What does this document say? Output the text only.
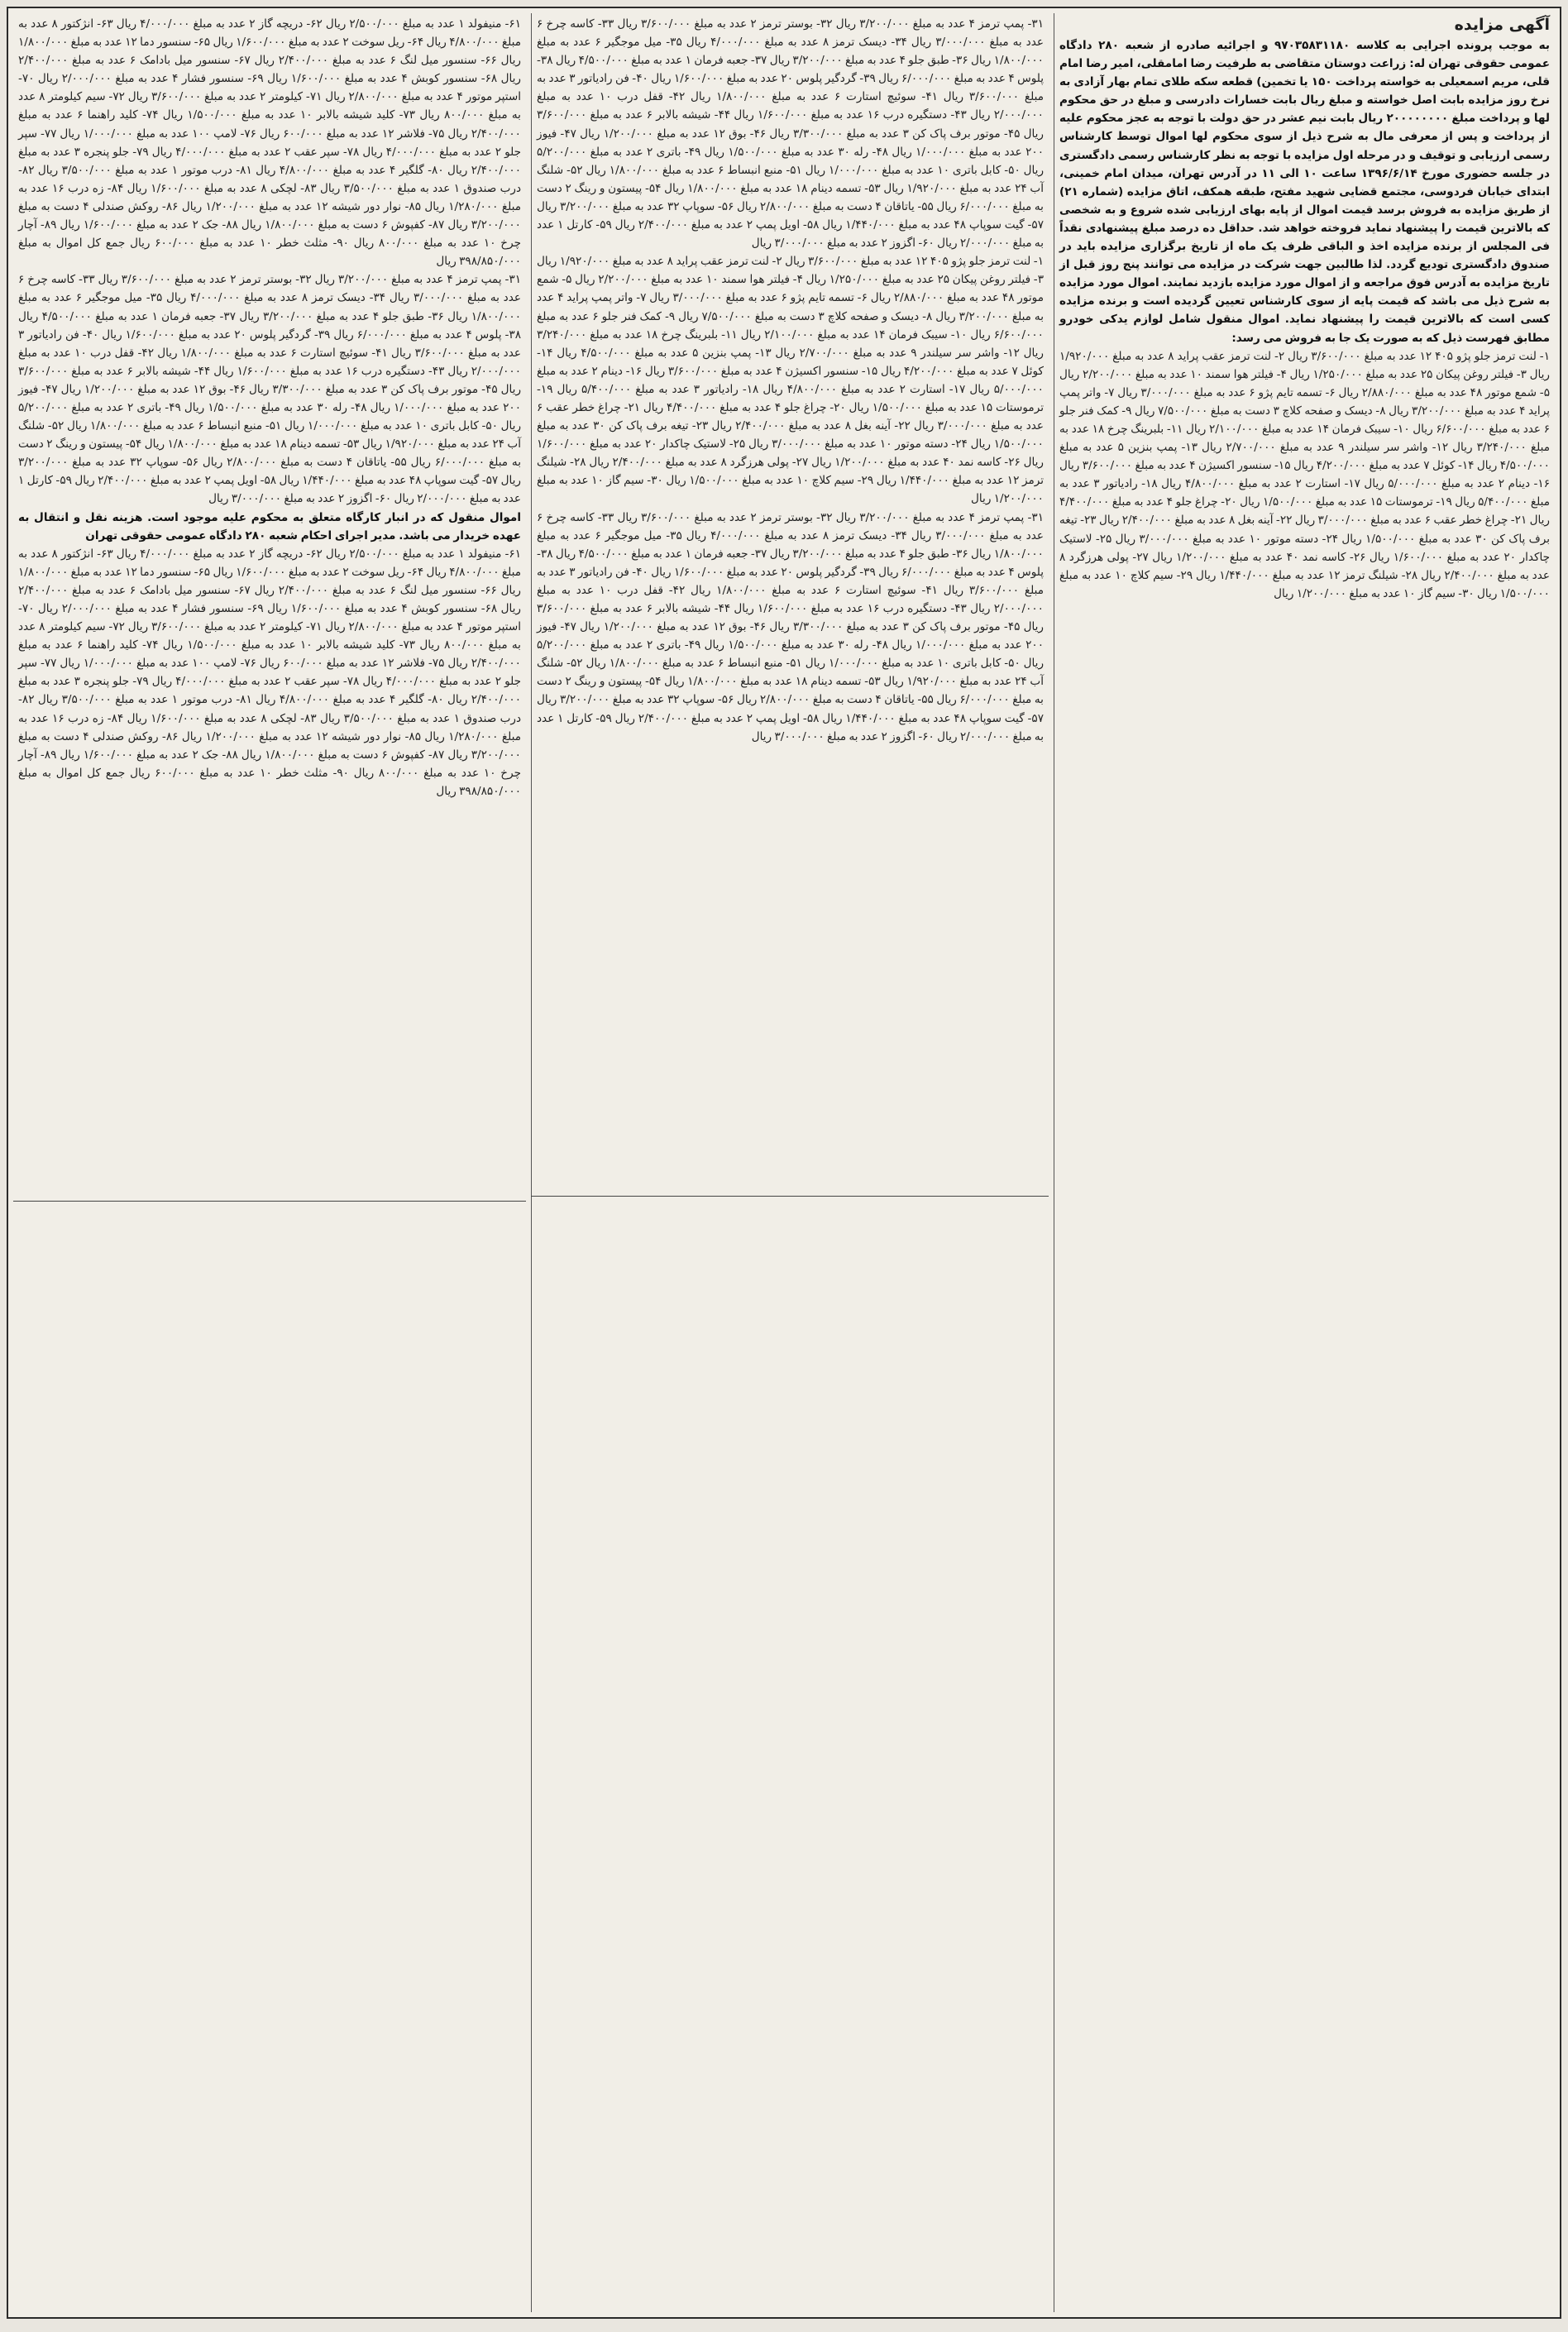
آگهی مزایده

به موجب پرونده اجرایی به کلاسه ۹۷۰۳۵۸۳۱۱۸۰ و اجرائیه صادره از شعبه ۲۸۰ دادگاه عمومی حقوقی تهران له: زراعت دوستان متقاضی به طرفیت رضا امامقلی، امیر رضا امام قلی، مریم اسمعیلی به خواسته پرداخت ۱۵۰ یا تخمین) قطعه سکه طلای تمام بهار آزادی به نرخ روز مزایده بابت اصل خواسته و مبلغ ریال بابت خسارات دادرسی و مبلغ در حق محکوم لها و پرداخت مبلغ ۲۰۰۰۰۰۰۰۰ ریال بابت نیم عشر در حق دولت با توجه به عجز محکوم علیه از پرداخت و پس از معرفی مال به شرح ذیل از سوی محکوم لها اموال توسط کارشناس رسمی ارزیابی و توقیف و در مرحله اول مزایده با توجه به نظر کارشناس رسمی دادگستری در جلسه حضوری مورخ ۱۳۹۶/۶/۱۴ ساعت ۱۰ الی ۱۱ در آدرس تهران، میدان امام خمینی، ابتدای خیابان فردوسی، مجتمع قضایی شهید مفتح، طبقه همکف، اتاق مزایده (شماره ۲۱) از طریق مزایده به فروش برسد قیمت اموال از پایه بهای ارزیابی شده شروع و به شخصی که بالاترین قیمت را پیشنهاد نماید فروخته خواهد شد. حداقل ده درصد مبلغ پیشنهادی نقداً فی المجلس از برنده مزایده اخذ و الباقی ظرف یک ماه از تاریخ برگزاری مزایده باید در صندوق دادگستری تودیع گردد. لذا طالبین جهت شرکت در مزایده می توانند پنج روز قبل از تاریخ مزایده به آدرس فوق مراجعه و از اموال مورد مزایده بازدید نمایند. اموال مورد مزایده به شرح ذیل می باشد که قیمت پایه از سوی کارشناس تعیین گردیده است و برنده مزایده کسی است که بالاترین قیمت را پیشنهاد نماید. اموال منقول شامل لوازم یدکی خودرو مطابق فهرست ذیل که به صورت یک جا به فروش می رسد:

۱- لنت ترمز جلو پژو ۴۰۵ ۱۲ عدد به مبلغ ۳/۶۰۰/۰۰۰ ریال ۲- لنت ترمز عقب پراید ۸ عدد به مبلغ ۱/۹۲۰/۰۰۰ ریال ۳- فیلتر روغن پیکان ۲۵ عدد به مبلغ ۱/۲۵۰/۰۰۰ ریال ۴- فیلتر هوا سمند ۱۰ عدد به مبلغ ۲/۲۰۰/۰۰۰ ریال ۵- شمع موتور ۴۸ عدد به مبلغ ۲/۸۸۰/۰۰۰ ریال ۶- تسمه تایم پژو ۶ عدد به مبلغ ۳/۰۰۰/۰۰۰ ریال ۷- واتر پمپ پراید ۴ عدد به مبلغ ۳/۲۰۰/۰۰۰ ریال ۸- دیسک و صفحه کلاچ ۳ دست به مبلغ ۷/۵۰۰/۰۰۰ ریال ۹- کمک فنر جلو ۶ عدد به مبلغ ۶/۶۰۰/۰۰۰ ریال ۱۰- سیبک فرمان ۱۴ عدد به مبلغ ۲/۱۰۰/۰۰۰ ریال ۱۱- بلبرینگ چرخ ۱۸ عدد به مبلغ ۳/۲۴۰/۰۰۰ ریال ۱۲- واشر سر سیلندر ۹ عدد به مبلغ ۲/۷۰۰/۰۰۰ ریال ۱۳- پمپ بنزین ۵ عدد به مبلغ ۴/۵۰۰/۰۰۰ ریال ۱۴- کوئل ۷ عدد به مبلغ ۴/۲۰۰/۰۰۰ ریال ۱۵- سنسور اکسیژن ۴ عدد به مبلغ ۳/۶۰۰/۰۰۰ ریال ۱۶- دینام ۲ عدد به مبلغ ۵/۰۰۰/۰۰۰ ریال ۱۷- استارت ۲ عدد به مبلغ ۴/۸۰۰/۰۰۰ ریال ۱۸- رادیاتور ۳ عدد به مبلغ ۵/۴۰۰/۰۰۰ ریال ۱۹- ترموستات ۱۵ عدد به مبلغ ۱/۵۰۰/۰۰۰ ریال ۲۰- چراغ جلو ۴ عدد به مبلغ ۴/۴۰۰/۰۰۰ ریال ۲۱- چراغ خطر عقب ۶ عدد به مبلغ ۳/۰۰۰/۰۰۰ ریال ۲۲- آینه بغل ۸ عدد به مبلغ ۲/۴۰۰/۰۰۰ ریال ۲۳- تیغه برف پاک کن ۳۰ عدد به مبلغ ۱/۵۰۰/۰۰۰ ریال ۲۴- دسته موتور ۱۰ عدد به مبلغ ۳/۰۰۰/۰۰۰ ریال ۲۵- لاستیک چاکدار ۲۰ عدد به مبلغ ۱/۶۰۰/۰۰۰ ریال ۲۶- کاسه نمد ۴۰ عدد به مبلغ ۱/۲۰۰/۰۰۰ ریال ۲۷- پولی هرزگرد ۸ عدد به مبلغ ۲/۴۰۰/۰۰۰ ریال ۲۸- شیلنگ ترمز ۱۲ عدد به مبلغ ۱/۴۴۰/۰۰۰ ریال ۲۹- سیم کلاچ ۱۰ عدد به مبلغ ۱/۵۰۰/۰۰۰ ریال ۳۰- سیم گاز ۱۰ عدد به مبلغ ۱/۲۰۰/۰۰۰ ریال

۳۱- پمپ ترمز ۴ عدد به مبلغ ۳/۲۰۰/۰۰۰ ریال ۳۲- بوستر ترمز ۲ عدد به مبلغ ۳/۶۰۰/۰۰۰ ریال ۳۳- کاسه چرخ ۶ عدد به مبلغ ۳/۰۰۰/۰۰۰ ریال ۳۴- دیسک ترمز ۸ عدد به مبلغ ۴/۰۰۰/۰۰۰ ریال ۳۵- میل موجگیر ۶ عدد به مبلغ ۱/۸۰۰/۰۰۰ ریال ۳۶- طبق جلو ۴ عدد به مبلغ ۳/۲۰۰/۰۰۰ ریال ۳۷- جعبه فرمان ۱ عدد به مبلغ ۴/۵۰۰/۰۰۰ ریال ۳۸- پلوس ۴ عدد به مبلغ ۶/۰۰۰/۰۰۰ ریال ۳۹- گردگیر پلوس ۲۰ عدد به مبلغ ۱/۶۰۰/۰۰۰ ریال ۴۰- فن رادیاتور ۳ عدد به مبلغ ۳/۶۰۰/۰۰۰ ریال ۴۱- سوئیچ استارت ۶ عدد به مبلغ ۱/۸۰۰/۰۰۰ ریال ۴۲- قفل درب ۱۰ عدد به مبلغ ۲/۰۰۰/۰۰۰ ریال ۴۳- دستگیره درب ۱۶ عدد به مبلغ ۱/۶۰۰/۰۰۰ ریال ۴۴- شیشه بالابر ۶ عدد به مبلغ ۳/۶۰۰/۰۰۰ ریال ۴۵- موتور برف پاک کن ۳ عدد به مبلغ ۳/۳۰۰/۰۰۰ ریال ۴۶- بوق ۱۲ عدد به مبلغ ۱/۲۰۰/۰۰۰ ریال ۴۷- فیوز ۲۰۰ عدد به مبلغ ۱/۰۰۰/۰۰۰ ریال ۴۸- رله ۳۰ عدد به مبلغ ۱/۵۰۰/۰۰۰ ریال ۴۹- باتری ۲ عدد به مبلغ ۵/۲۰۰/۰۰۰ ریال ۵۰- کابل باتری ۱۰ عدد به مبلغ ۱/۰۰۰/۰۰۰ ریال ۵۱- منبع انبساط ۶ عدد به مبلغ ۱/۸۰۰/۰۰۰ ریال ۵۲- شلنگ آب ۲۴ عدد به مبلغ ۱/۹۲۰/۰۰۰ ریال ۵۳- تسمه دینام ۱۸ عدد به مبلغ ۱/۸۰۰/۰۰۰ ریال ۵۴- پیستون و رینگ ۲ دست به مبلغ ۶/۰۰۰/۰۰۰ ریال ۵۵- یاتاقان ۴ دست به مبلغ ۲/۸۰۰/۰۰۰ ریال ۵۶- سوپاپ ۳۲ عدد به مبلغ ۳/۲۰۰/۰۰۰ ریال ۵۷- گیت سوپاپ ۴۸ عدد به مبلغ ۱/۴۴۰/۰۰۰ ریال ۵۸- اویل پمپ ۲ عدد به مبلغ ۲/۴۰۰/۰۰۰ ریال ۵۹- کارتل ۱ عدد به مبلغ ۲/۰۰۰/۰۰۰ ریال ۶۰- اگزوز ۲ عدد به مبلغ ۳/۰۰۰/۰۰۰ ریال

۱- لنت ترمز جلو پژو ۴۰۵ ۱۲ عدد به مبلغ ۳/۶۰۰/۰۰۰ ریال ۲- لنت ترمز عقب پراید ۸ عدد به مبلغ ۱/۹۲۰/۰۰۰ ریال ۳- فیلتر روغن پیکان ۲۵ عدد به مبلغ ۱/۲۵۰/۰۰۰ ریال ۴- فیلتر هوا سمند ۱۰ عدد به مبلغ ۲/۲۰۰/۰۰۰ ریال ۵- شمع موتور ۴۸ عدد به مبلغ ۲/۸۸۰/۰۰۰ ریال ۶- تسمه تایم پژو ۶ عدد به مبلغ ۳/۰۰۰/۰۰۰ ریال ۷- واتر پمپ پراید ۴ عدد به مبلغ ۳/۲۰۰/۰۰۰ ریال ۸- دیسک و صفحه کلاچ ۳ دست به مبلغ ۷/۵۰۰/۰۰۰ ریال ۹- کمک فنر جلو ۶ عدد به مبلغ ۶/۶۰۰/۰۰۰ ریال ۱۰- سیبک فرمان ۱۴ عدد به مبلغ ۲/۱۰۰/۰۰۰ ریال ۱۱- بلبرینگ چرخ ۱۸ عدد به مبلغ ۳/۲۴۰/۰۰۰ ریال ۱۲- واشر سر سیلندر ۹ عدد به مبلغ ۲/۷۰۰/۰۰۰ ریال ۱۳- پمپ بنزین ۵ عدد به مبلغ ۴/۵۰۰/۰۰۰ ریال ۱۴- کوئل ۷ عدد به مبلغ ۴/۲۰۰/۰۰۰ ریال ۱۵- سنسور اکسیژن ۴ عدد به مبلغ ۳/۶۰۰/۰۰۰ ریال ۱۶- دینام ۲ عدد به مبلغ ۵/۰۰۰/۰۰۰ ریال ۱۷- استارت ۲ عدد به مبلغ ۴/۸۰۰/۰۰۰ ریال ۱۸- رادیاتور ۳ عدد به مبلغ ۵/۴۰۰/۰۰۰ ریال ۱۹- ترموستات ۱۵ عدد به مبلغ ۱/۵۰۰/۰۰۰ ریال ۲۰- چراغ جلو ۴ عدد به مبلغ ۴/۴۰۰/۰۰۰ ریال ۲۱- چراغ خطر عقب ۶ عدد به مبلغ ۳/۰۰۰/۰۰۰ ریال ۲۲- آینه بغل ۸ عدد به مبلغ ۲/۴۰۰/۰۰۰ ریال ۲۳- تیغه برف پاک کن ۳۰ عدد به مبلغ ۱/۵۰۰/۰۰۰ ریال ۲۴- دسته موتور ۱۰ عدد به مبلغ ۳/۰۰۰/۰۰۰ ریال ۲۵- لاستیک چاکدار ۲۰ عدد به مبلغ ۱/۶۰۰/۰۰۰ ریال ۲۶- کاسه نمد ۴۰ عدد به مبلغ ۱/۲۰۰/۰۰۰ ریال ۲۷- پولی هرزگرد ۸ عدد به مبلغ ۲/۴۰۰/۰۰۰ ریال ۲۸- شیلنگ ترمز ۱۲ عدد به مبلغ ۱/۴۴۰/۰۰۰ ریال ۲۹- سیم کلاچ ۱۰ عدد به مبلغ ۱/۵۰۰/۰۰۰ ریال ۳۰- سیم گاز ۱۰ عدد به مبلغ ۱/۲۰۰/۰۰۰ ریال

۳۱- پمپ ترمز ۴ عدد به مبلغ ۳/۲۰۰/۰۰۰ ریال ۳۲- بوستر ترمز ۲ عدد به مبلغ ۳/۶۰۰/۰۰۰ ریال ۳۳- کاسه چرخ ۶ عدد به مبلغ ۳/۰۰۰/۰۰۰ ریال ۳۴- دیسک ترمز ۸ عدد به مبلغ ۴/۰۰۰/۰۰۰ ریال ۳۵- میل موجگیر ۶ عدد به مبلغ ۱/۸۰۰/۰۰۰ ریال ۳۶- طبق جلو ۴ عدد به مبلغ ۳/۲۰۰/۰۰۰ ریال ۳۷- جعبه فرمان ۱ عدد به مبلغ ۴/۵۰۰/۰۰۰ ریال ۳۸- پلوس ۴ عدد به مبلغ ۶/۰۰۰/۰۰۰ ریال ۳۹- گردگیر پلوس ۲۰ عدد به مبلغ ۱/۶۰۰/۰۰۰ ریال ۴۰- فن رادیاتور ۳ عدد به مبلغ ۳/۶۰۰/۰۰۰ ریال ۴۱- سوئیچ استارت ۶ عدد به مبلغ ۱/۸۰۰/۰۰۰ ریال ۴۲- قفل درب ۱۰ عدد به مبلغ ۲/۰۰۰/۰۰۰ ریال ۴۳- دستگیره درب ۱۶ عدد به مبلغ ۱/۶۰۰/۰۰۰ ریال ۴۴- شیشه بالابر ۶ عدد به مبلغ ۳/۶۰۰/۰۰۰ ریال ۴۵- موتور برف پاک کن ۳ عدد به مبلغ ۳/۳۰۰/۰۰۰ ریال ۴۶- بوق ۱۲ عدد به مبلغ ۱/۲۰۰/۰۰۰ ریال ۴۷- فیوز ۲۰۰ عدد به مبلغ ۱/۰۰۰/۰۰۰ ریال ۴۸- رله ۳۰ عدد به مبلغ ۱/۵۰۰/۰۰۰ ریال ۴۹- باتری ۲ عدد به مبلغ ۵/۲۰۰/۰۰۰ ریال ۵۰- کابل باتری ۱۰ عدد به مبلغ ۱/۰۰۰/۰۰۰ ریال ۵۱- منبع انبساط ۶ عدد به مبلغ ۱/۸۰۰/۰۰۰ ریال ۵۲- شلنگ آب ۲۴ عدد به مبلغ ۱/۹۲۰/۰۰۰ ریال ۵۳- تسمه دینام ۱۸ عدد به مبلغ ۱/۸۰۰/۰۰۰ ریال ۵۴- پیستون و رینگ ۲ دست به مبلغ ۶/۰۰۰/۰۰۰ ریال ۵۵- یاتاقان ۴ دست به مبلغ ۲/۸۰۰/۰۰۰ ریال ۵۶- سوپاپ ۳۲ عدد به مبلغ ۳/۲۰۰/۰۰۰ ریال ۵۷- گیت سوپاپ ۴۸ عدد به مبلغ ۱/۴۴۰/۰۰۰ ریال ۵۸- اویل پمپ ۲ عدد به مبلغ ۲/۴۰۰/۰۰۰ ریال ۵۹- کارتل ۱ عدد به مبلغ ۲/۰۰۰/۰۰۰ ریال ۶۰- اگزوز ۲ عدد به مبلغ ۳/۰۰۰/۰۰۰ ریال

۶۱- منیفولد ۱ عدد به مبلغ ۲/۵۰۰/۰۰۰ ریال ۶۲- دریچه گاز ۲ عدد به مبلغ ۴/۰۰۰/۰۰۰ ریال ۶۳- انژکتور ۸ عدد به مبلغ ۴/۸۰۰/۰۰۰ ریال ۶۴- ریل سوخت ۲ عدد به مبلغ ۱/۶۰۰/۰۰۰ ریال ۶۵- سنسور دما ۱۲ عدد به مبلغ ۱/۸۰۰/۰۰۰ ریال ۶۶- سنسور میل لنگ ۶ عدد به مبلغ ۲/۴۰۰/۰۰۰ ریال ۶۷- سنسور میل بادامک ۶ عدد به مبلغ ۲/۴۰۰/۰۰۰ ریال ۶۸- سنسور کوبش ۴ عدد به مبلغ ۱/۶۰۰/۰۰۰ ریال ۶۹- سنسور فشار ۴ عدد به مبلغ ۲/۰۰۰/۰۰۰ ریال ۷۰- استپر موتور ۴ عدد به مبلغ ۲/۸۰۰/۰۰۰ ریال ۷۱- کیلومتر ۲ عدد به مبلغ ۳/۶۰۰/۰۰۰ ریال ۷۲- سیم کیلومتر ۸ عدد به مبلغ ۸۰۰/۰۰۰ ریال ۷۳- کلید شیشه بالابر ۱۰ عدد به مبلغ ۱/۵۰۰/۰۰۰ ریال ۷۴- کلید راهنما ۶ عدد به مبلغ ۲/۴۰۰/۰۰۰ ریال ۷۵- فلاشر ۱۲ عدد به مبلغ ۶۰۰/۰۰۰ ریال ۷۶- لامپ ۱۰۰ عدد به مبلغ ۱/۰۰۰/۰۰۰ ریال ۷۷- سپر جلو ۲ عدد به مبلغ ۴/۰۰۰/۰۰۰ ریال ۷۸- سپر عقب ۲ عدد به مبلغ ۴/۰۰۰/۰۰۰ ریال ۷۹- جلو پنجره ۳ عدد به مبلغ ۲/۴۰۰/۰۰۰ ریال ۸۰- گلگیر ۴ عدد به مبلغ ۴/۸۰۰/۰۰۰ ریال ۸۱- درب موتور ۱ عدد به مبلغ ۳/۵۰۰/۰۰۰ ریال ۸۲- درب صندوق ۱ عدد به مبلغ ۳/۵۰۰/۰۰۰ ریال ۸۳- لچکی ۸ عدد به مبلغ ۱/۶۰۰/۰۰۰ ریال ۸۴- زه درب ۱۶ عدد به مبلغ ۱/۲۸۰/۰۰۰ ریال ۸۵- نوار دور شیشه ۱۲ عدد به مبلغ ۱/۲۰۰/۰۰۰ ریال ۸۶- روکش صندلی ۴ دست به مبلغ ۳/۲۰۰/۰۰۰ ریال ۸۷- کفپوش ۶ دست به مبلغ ۱/۸۰۰/۰۰۰ ریال ۸۸- جک ۲ عدد به مبلغ ۱/۶۰۰/۰۰۰ ریال ۸۹- آچار چرخ ۱۰ عدد به مبلغ ۸۰۰/۰۰۰ ریال ۹۰- مثلث خطر ۱۰ عدد به مبلغ ۶۰۰/۰۰۰ ریال جمع کل اموال به مبلغ ۳۹۸/۸۵۰/۰۰۰ ریال

۳۱- پمپ ترمز ۴ عدد به مبلغ ۳/۲۰۰/۰۰۰ ریال ۳۲- بوستر ترمز ۲ عدد به مبلغ ۳/۶۰۰/۰۰۰ ریال ۳۳- کاسه چرخ ۶ عدد به مبلغ ۳/۰۰۰/۰۰۰ ریال ۳۴- دیسک ترمز ۸ عدد به مبلغ ۴/۰۰۰/۰۰۰ ریال ۳۵- میل موجگیر ۶ عدد به مبلغ ۱/۸۰۰/۰۰۰ ریال ۳۶- طبق جلو ۴ عدد به مبلغ ۳/۲۰۰/۰۰۰ ریال ۳۷- جعبه فرمان ۱ عدد به مبلغ ۴/۵۰۰/۰۰۰ ریال ۳۸- پلوس ۴ عدد به مبلغ ۶/۰۰۰/۰۰۰ ریال ۳۹- گردگیر پلوس ۲۰ عدد به مبلغ ۱/۶۰۰/۰۰۰ ریال ۴۰- فن رادیاتور ۳ عدد به مبلغ ۳/۶۰۰/۰۰۰ ریال ۴۱- سوئیچ استارت ۶ عدد به مبلغ ۱/۸۰۰/۰۰۰ ریال ۴۲- قفل درب ۱۰ عدد به مبلغ ۲/۰۰۰/۰۰۰ ریال ۴۳- دستگیره درب ۱۶ عدد به مبلغ ۱/۶۰۰/۰۰۰ ریال ۴۴- شیشه بالابر ۶ عدد به مبلغ ۳/۶۰۰/۰۰۰ ریال ۴۵- موتور برف پاک کن ۳ عدد به مبلغ ۳/۳۰۰/۰۰۰ ریال ۴۶- بوق ۱۲ عدد به مبلغ ۱/۲۰۰/۰۰۰ ریال ۴۷- فیوز ۲۰۰ عدد به مبلغ ۱/۰۰۰/۰۰۰ ریال ۴۸- رله ۳۰ عدد به مبلغ ۱/۵۰۰/۰۰۰ ریال ۴۹- باتری ۲ عدد به مبلغ ۵/۲۰۰/۰۰۰ ریال ۵۰- کابل باتری ۱۰ عدد به مبلغ ۱/۰۰۰/۰۰۰ ریال ۵۱- منبع انبساط ۶ عدد به مبلغ ۱/۸۰۰/۰۰۰ ریال ۵۲- شلنگ آب ۲۴ عدد به مبلغ ۱/۹۲۰/۰۰۰ ریال ۵۳- تسمه دینام ۱۸ عدد به مبلغ ۱/۸۰۰/۰۰۰ ریال ۵۴- پیستون و رینگ ۲ دست به مبلغ ۶/۰۰۰/۰۰۰ ریال ۵۵- یاتاقان ۴ دست به مبلغ ۲/۸۰۰/۰۰۰ ریال ۵۶- سوپاپ ۳۲ عدد به مبلغ ۳/۲۰۰/۰۰۰ ریال ۵۷- گیت سوپاپ ۴۸ عدد به مبلغ ۱/۴۴۰/۰۰۰ ریال ۵۸- اویل پمپ ۲ عدد به مبلغ ۲/۴۰۰/۰۰۰ ریال ۵۹- کارتل ۱ عدد به مبلغ ۲/۰۰۰/۰۰۰ ریال ۶۰- اگزوز ۲ عدد به مبلغ ۳/۰۰۰/۰۰۰ ریال

اموال منقول که در انبار کارگاه متعلق به محکوم علیه موجود است. هزینه نقل و انتقال به عهده خریدار می باشد. مدیر اجرای احکام شعبه ۲۸۰ دادگاه عمومی حقوقی تهران

۶۱- منیفولد ۱ عدد به مبلغ ۲/۵۰۰/۰۰۰ ریال ۶۲- دریچه گاز ۲ عدد به مبلغ ۴/۰۰۰/۰۰۰ ریال ۶۳- انژکتور ۸ عدد به مبلغ ۴/۸۰۰/۰۰۰ ریال ۶۴- ریل سوخت ۲ عدد به مبلغ ۱/۶۰۰/۰۰۰ ریال ۶۵- سنسور دما ۱۲ عدد به مبلغ ۱/۸۰۰/۰۰۰ ریال ۶۶- سنسور میل لنگ ۶ عدد به مبلغ ۲/۴۰۰/۰۰۰ ریال ۶۷- سنسور میل بادامک ۶ عدد به مبلغ ۲/۴۰۰/۰۰۰ ریال ۶۸- سنسور کوبش ۴ عدد به مبلغ ۱/۶۰۰/۰۰۰ ریال ۶۹- سنسور فشار ۴ عدد به مبلغ ۲/۰۰۰/۰۰۰ ریال ۷۰- استپر موتور ۴ عدد به مبلغ ۲/۸۰۰/۰۰۰ ریال ۷۱- کیلومتر ۲ عدد به مبلغ ۳/۶۰۰/۰۰۰ ریال ۷۲- سیم کیلومتر ۸ عدد به مبلغ ۸۰۰/۰۰۰ ریال ۷۳- کلید شیشه بالابر ۱۰ عدد به مبلغ ۱/۵۰۰/۰۰۰ ریال ۷۴- کلید راهنما ۶ عدد به مبلغ ۲/۴۰۰/۰۰۰ ریال ۷۵- فلاشر ۱۲ عدد به مبلغ ۶۰۰/۰۰۰ ریال ۷۶- لامپ ۱۰۰ عدد به مبلغ ۱/۰۰۰/۰۰۰ ریال ۷۷- سپر جلو ۲ عدد به مبلغ ۴/۰۰۰/۰۰۰ ریال ۷۸- سپر عقب ۲ عدد به مبلغ ۴/۰۰۰/۰۰۰ ریال ۷۹- جلو پنجره ۳ عدد به مبلغ ۲/۴۰۰/۰۰۰ ریال ۸۰- گلگیر ۴ عدد به مبلغ ۴/۸۰۰/۰۰۰ ریال ۸۱- درب موتور ۱ عدد به مبلغ ۳/۵۰۰/۰۰۰ ریال ۸۲- درب صندوق ۱ عدد به مبلغ ۳/۵۰۰/۰۰۰ ریال ۸۳- لچکی ۸ عدد به مبلغ ۱/۶۰۰/۰۰۰ ریال ۸۴- زه درب ۱۶ عدد به مبلغ ۱/۲۸۰/۰۰۰ ریال ۸۵- نوار دور شیشه ۱۲ عدد به مبلغ ۱/۲۰۰/۰۰۰ ریال ۸۶- روکش صندلی ۴ دست به مبلغ ۳/۲۰۰/۰۰۰ ریال ۸۷- کفپوش ۶ دست به مبلغ ۱/۸۰۰/۰۰۰ ریال ۸۸- جک ۲ عدد به مبلغ ۱/۶۰۰/۰۰۰ ریال ۸۹- آچار چرخ ۱۰ عدد به مبلغ ۸۰۰/۰۰۰ ریال ۹۰- مثلث خطر ۱۰ عدد به مبلغ ۶۰۰/۰۰۰ ریال جمع کل اموال به مبلغ ۳۹۸/۸۵۰/۰۰۰ ریال
